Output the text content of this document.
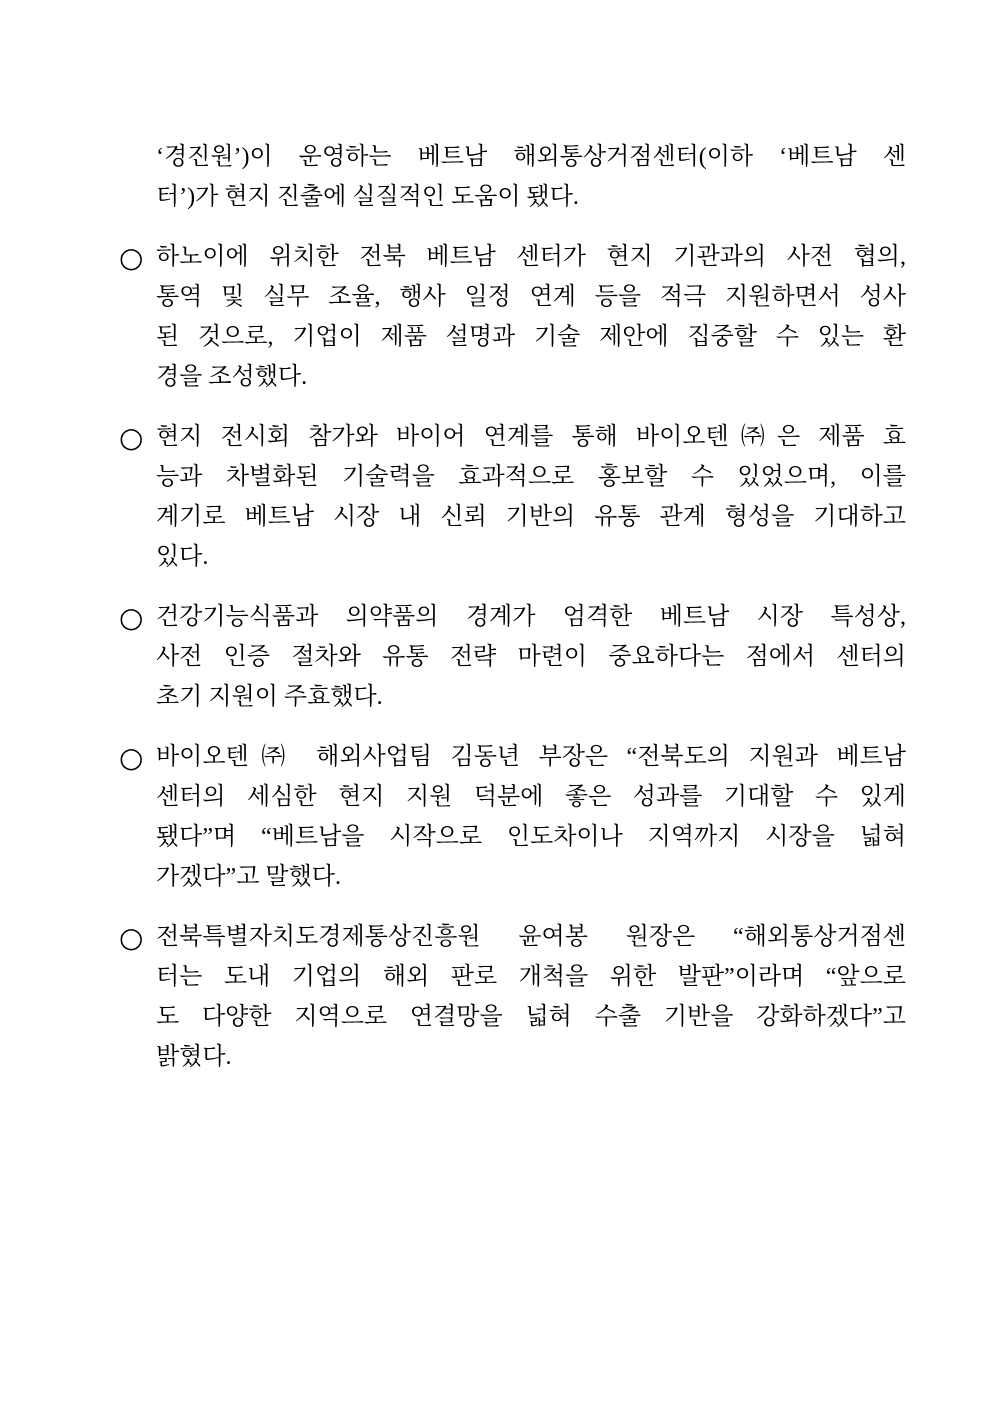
‘경진원’)이 운영하는 베트남 해외통상거점센터(이하 ‘베트남 센
터’)가 현지 진출에 실질적인 도움이 됐다.
○ 하노이에 위치한 전북 베트남 센터가 현지 기관과의 사전 협의,
통역 및 실무 조율, 행사 일정 연계 등을 적극 지원하면서 성사
된 것으로, 기업이 제품 설명과 기술 제안에 집중할 수 있는 환
경을 조성했다.
○ 현지 전시회 참가와 바이어 연계를 통해 바이오텐㈜은 제품 효
능과 차별화된 기술력을 효과적으로 홍보할 수 있었으며, 이를
계기로 베트남 시장 내 신뢰 기반의 유통 관계 형성을 기대하고
있다.
○ 건강기능식품과 의약품의 경계가 엄격한 베트남 시장 특성상,
사전 인증 절차와 유통 전략 마련이 중요하다는 점에서 센터의
초기 지원이 주효했다.
○ 바이오텐㈜ 해외사업팀 김동년 부장은 “전북도의 지원과 베트남
센터의 세심한 현지 지원 덕분에 좋은 성과를 기대할 수 있게
됐다”며 “베트남을 시작으로 인도차이나 지역까지 시장을 넓혀
가겠다”고 말했다.
○ 전북특별자치도경제통상진흥원 윤여봉 원장은 “해외통상거점센
터는 도내 기업의 해외 판로 개척을 위한 발판”이라며 “앞으로
도 다양한 지역으로 연결망을 넓혀 수출 기반을 강화하겠다”고
밝혔다.
